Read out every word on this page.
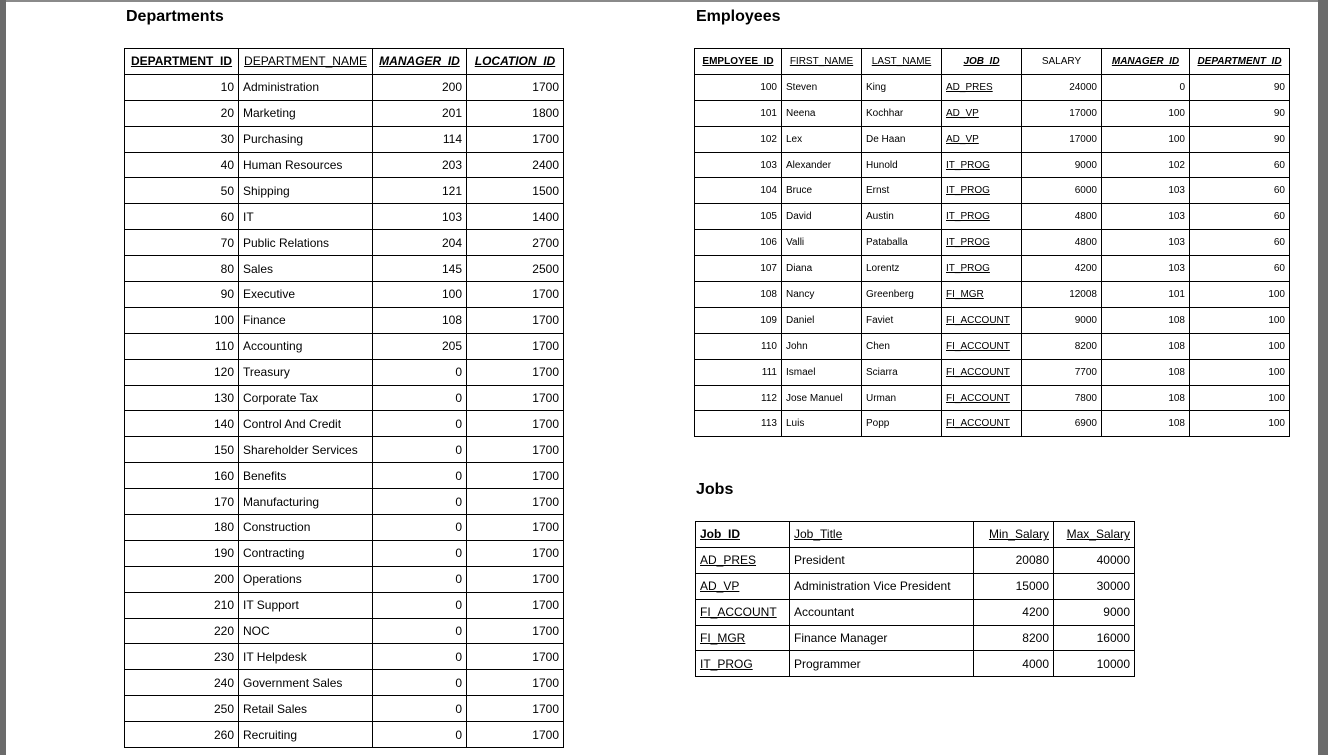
Departments	Employees
Jobs
DEPARTMENT_ID	DEPARTMENT_NAME	MANAGER_ID	LOCATION_ID
10	Administration	200	1700
20	Marketing	201	1800
30	Purchasing	114	1700
40	Human Resources	203	2400
50	Shipping	121	1500
60	IT	103	1400
70	Public Relations	204	2700
80	Sales	145	2500
90	Executive	100	1700
100	Finance	108	1700
110	Accounting	205	1700
120	Treasury	0	1700
130	Corporate Tax	0	1700
140	Control And Credit	0	1700
150	Shareholder Services	0	1700
160	Benefits	0	1700
170	Manufacturing	0	1700
180	Construction	0	1700
190	Contracting	0	1700
200	Operations	0	1700
210	IT Support	0	1700
220	NOC	0	1700
230	IT Helpdesk	0	1700
240	Government Sales	0	1700
250	Retail Sales	0	1700
260	Recruiting	0	1700
EMPLOYEE_ID	FIRST_NAME	LAST_NAME	JOB_ID	SALARY	MANAGER_ID	DEPARTMENT_ID
100	Steven	King	AD_PRES	24000	0	90
101	Neena	Kochhar	AD_VP	17000	100	90
102	Lex	De Haan	AD_VP	17000	100	90
103	Alexander	Hunold	IT_PROG	9000	102	60
104	Bruce	Ernst	IT_PROG	6000	103	60
105	David	Austin	IT_PROG	4800	103	60
106	Valli	Pataballa	IT_PROG	4800	103	60
107	Diana	Lorentz	IT_PROG	4200	103	60
108	Nancy	Greenberg	FI_MGR	12008	101	100
109	Daniel	Faviet	FI_ACCOUNT	9000	108	100
110	John	Chen	FI_ACCOUNT	8200	108	100
111	Ismael	Sciarra	FI_ACCOUNT	7700	108	100
112	Jose Manuel	Urman	FI_ACCOUNT	7800	108	100
113	Luis	Popp	FI_ACCOUNT	6900	108	100
Job_ID	Job_Title	Min_Salary	Max_Salary
AD_PRES	President	20080	40000
AD_VP	Administration Vice President	15000	30000
FI_ACCOUNT	Accountant	4200	9000
FI_MGR	Finance Manager	8200	16000
IT_PROG	Programmer	4000	10000
